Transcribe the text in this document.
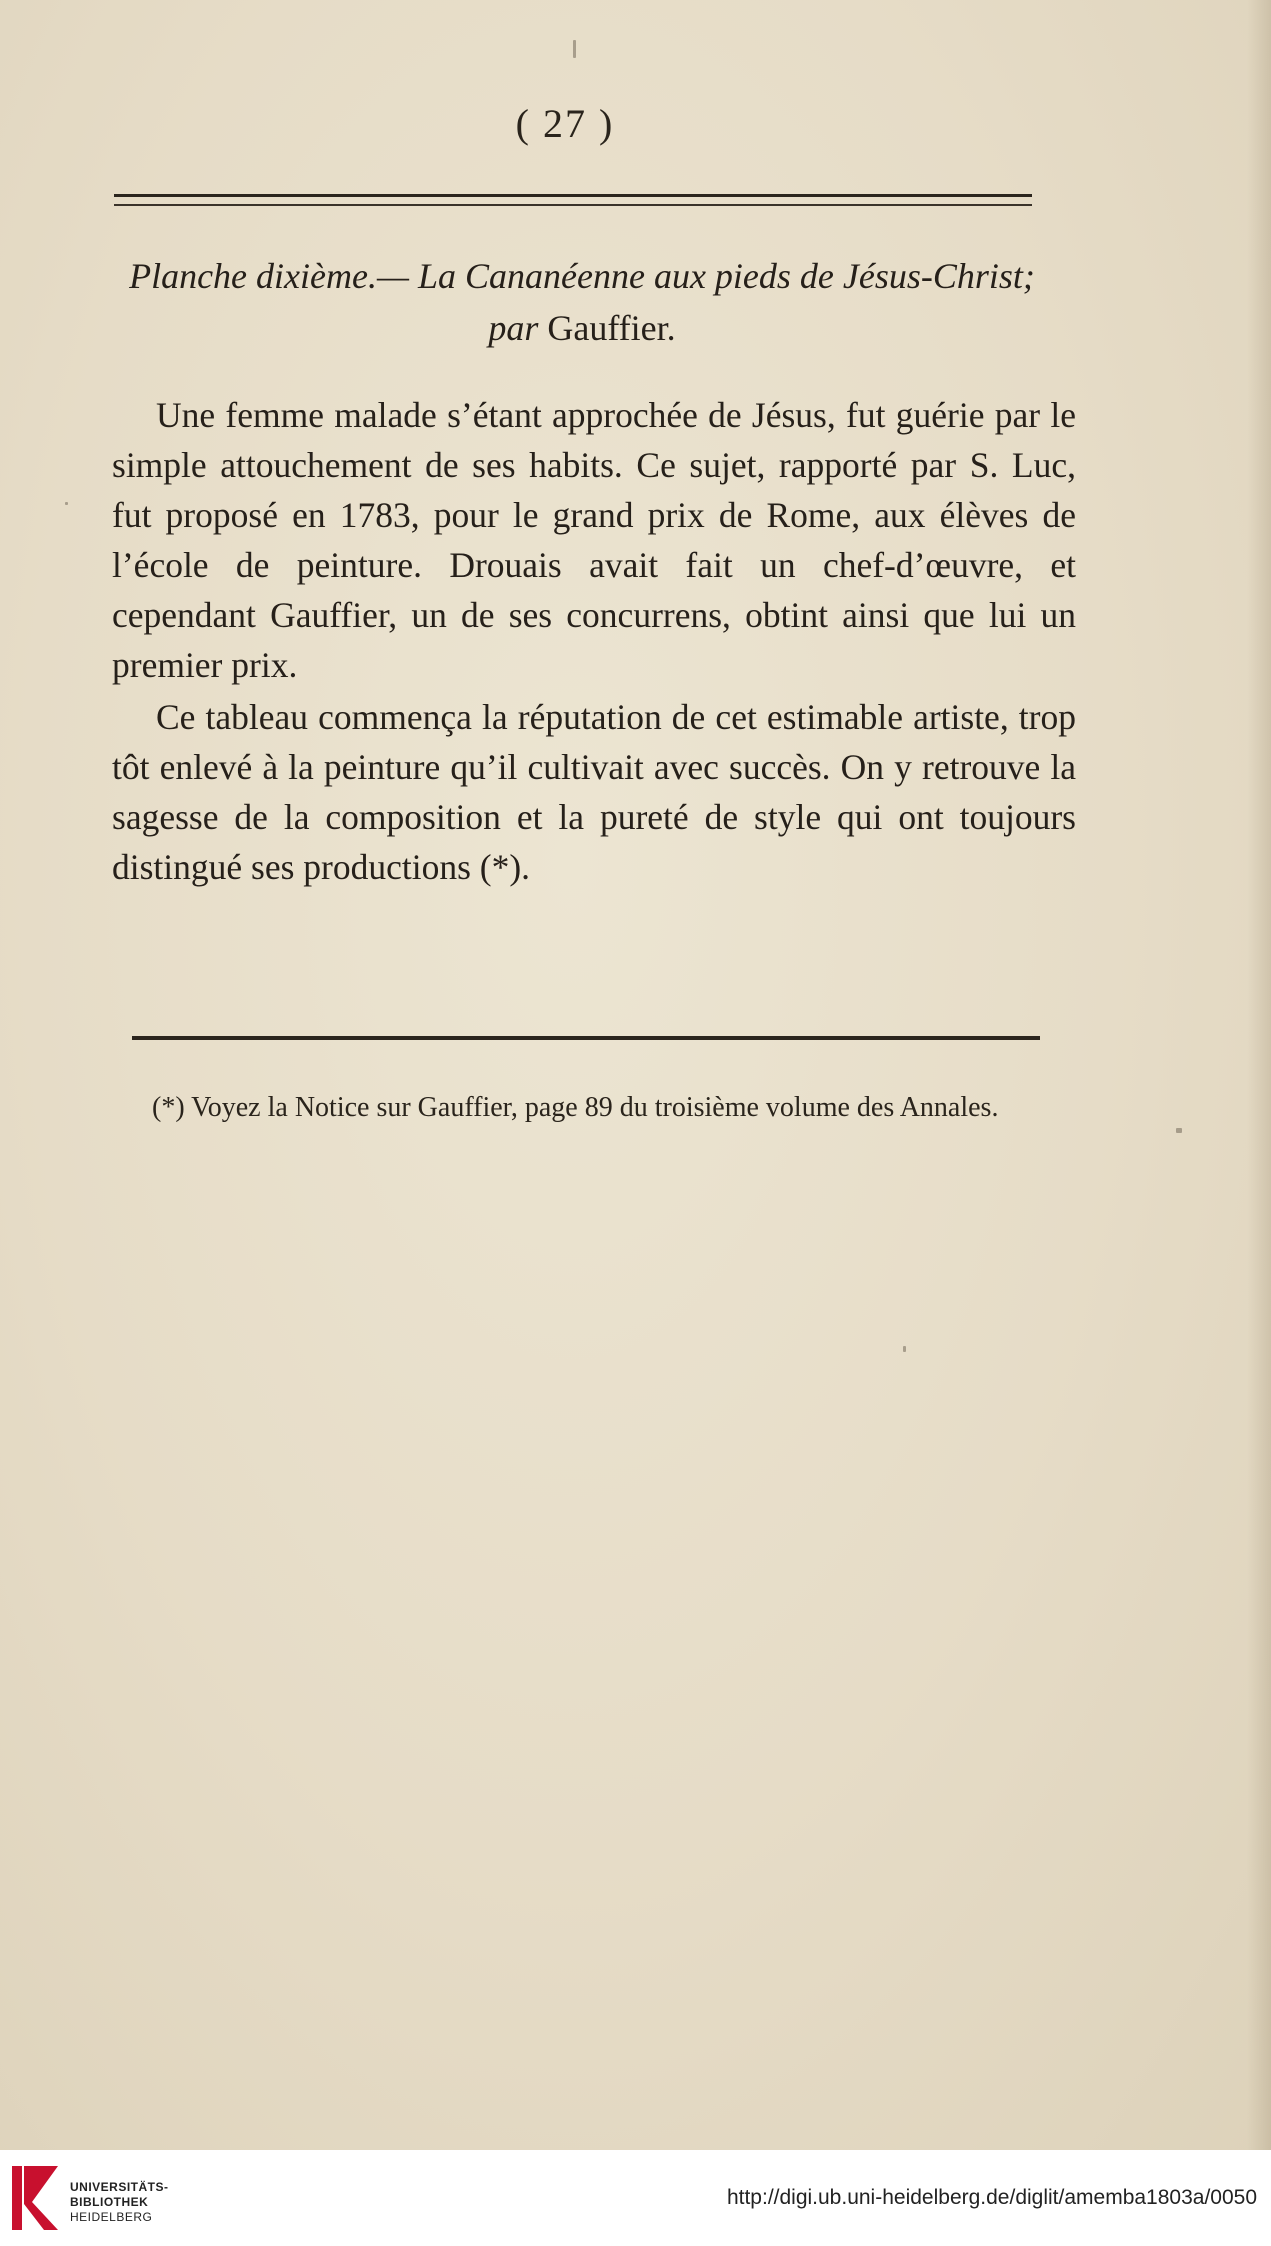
( 27 )
Planche dixième.— La Cananéenne aux pieds de Jésus-Christ; par Gauffier.

Une femme malade s’étant approchée de Jésus, fut guérie par le simple attouchement de ses habits. Ce sujet, rapporté par S. Luc, fut proposé en 1783, pour le grand prix de Rome, aux élèves de l’école de peinture. Drouais avait fait un chef-d’œuvre, et cependant Gauffier, un de ses concurrens, obtint ainsi que lui un premier prix.

Ce tableau commença la réputation de cet estimable artiste, trop tôt enlevé à la peinture qu’il cultivait avec succès. On y retrouve la sagesse de la composition et la pureté de style qui ont toujours distingué ses productions (*).

(*) Voyez la Notice sur Gauffier, page 89 du troisième volume des Annales.
UNIVERSITÄTS-
BIBLIOTHEK
HEIDELBERG
http://digi.ub.uni-heidelberg.de/diglit/amemba1803a/0050
